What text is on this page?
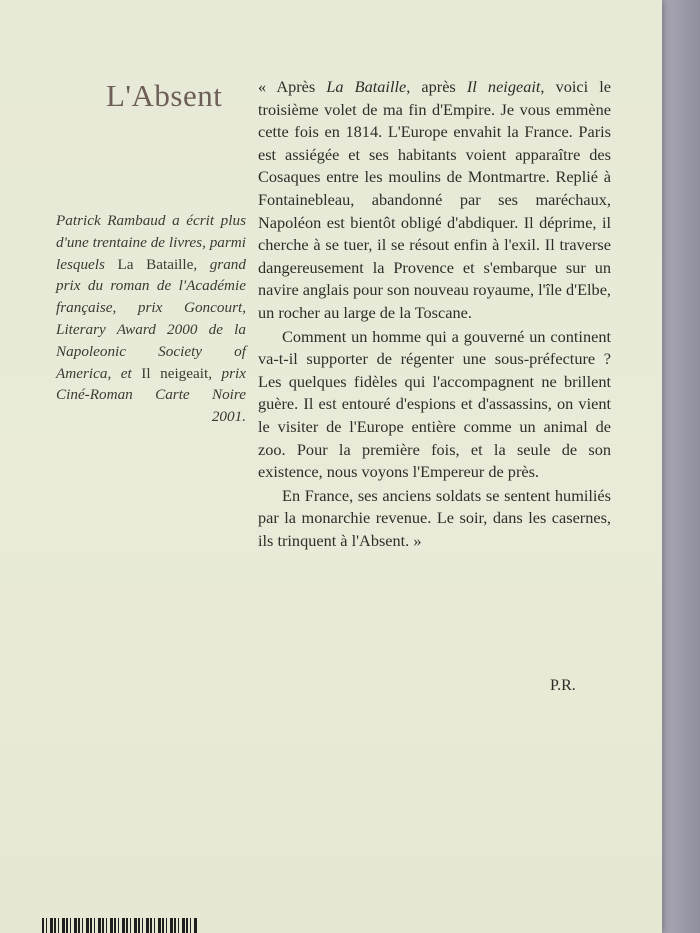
L'Absent
Patrick Rambaud a écrit plus d'une trentaine de livres, parmi lesquels La Bataille, grand prix du roman de l'Académie française, prix Goncourt, Literary Award 2000 de la Napoleonic Society of America, et Il neigeait, prix Ciné-Roman Carte Noire 2001.

« Après La Bataille, après Il neigeait, voici le troisième volet de ma fin d'Empire. Je vous emmène cette fois en 1814. L'Europe envahit la France. Paris est assiégée et ses habitants voient apparaître des Cosaques entre les moulins de Montmartre. Replié à Fontainebleau, abandonné par ses maréchaux, Napoléon est bientôt obligé d'abdiquer. Il déprime, il cherche à se tuer, il se résout enfin à l'exil. Il traverse dangereusement la Provence et s'embarque sur un navire anglais pour son nouveau royaume, l'île d'Elbe, un rocher au large de la Toscane.

Comment un homme qui a gouverné un continent va-t-il supporter de régenter une sous-préfecture ? Les quelques fidèles qui l'accompagnent ne brillent guère. Il est entouré d'espions et d'assassins, on vient le visiter de l'Europe entière comme un animal de zoo. Pour la première fois, et la seule de son existence, nous voyons l'Empereur de près.

En France, ses anciens soldats se sentent humiliés par la monarchie revenue. Le soir, dans les casernes, ils trinquent à l'Absent. »

P.R.
